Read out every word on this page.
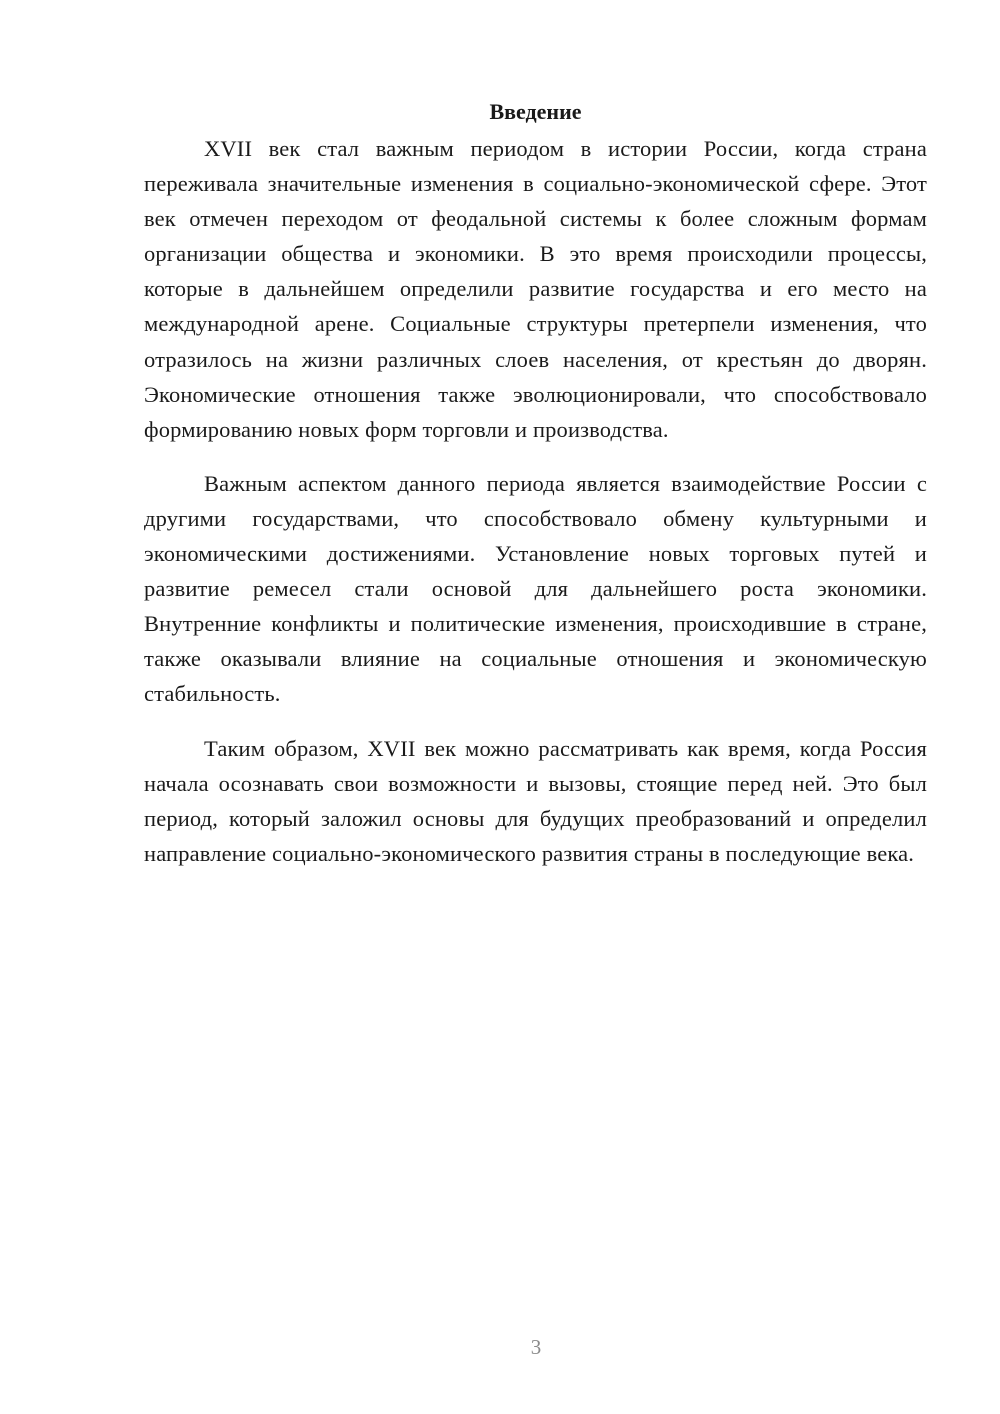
Введение

XVII век стал важным периодом в истории России, когда страна переживала значительные изменения в социально-экономической сфере. Этот век отмечен переходом от феодальной системы к более сложным формам организации общества и экономики. В это время происходили процессы, которые в дальнейшем определили развитие государства и его место на международной арене. Социальные структуры претерпели изменения, что отразилось на жизни различных слоев населения, от крестьян до дворян. Экономические отношения также эволюционировали, что способствовало формированию новых форм торговли и производства.

Важным аспектом данного периода является взаимодействие России с другими государствами, что способствовало обмену культурными и экономическими достижениями. Установление новых торговых путей и развитие ремесел стали основой для дальнейшего роста экономики. Внутренние конфликты и политические изменения, происходившие в стране, также оказывали влияние на социальные отношения и экономическую стабильность.

Таким образом, XVII век можно рассматривать как время, когда Россия начала осознавать свои возможности и вызовы, стоящие перед ней. Это был период, который заложил основы для будущих преобразований и определил направление социально-экономического развития страны в последующие века.

3
